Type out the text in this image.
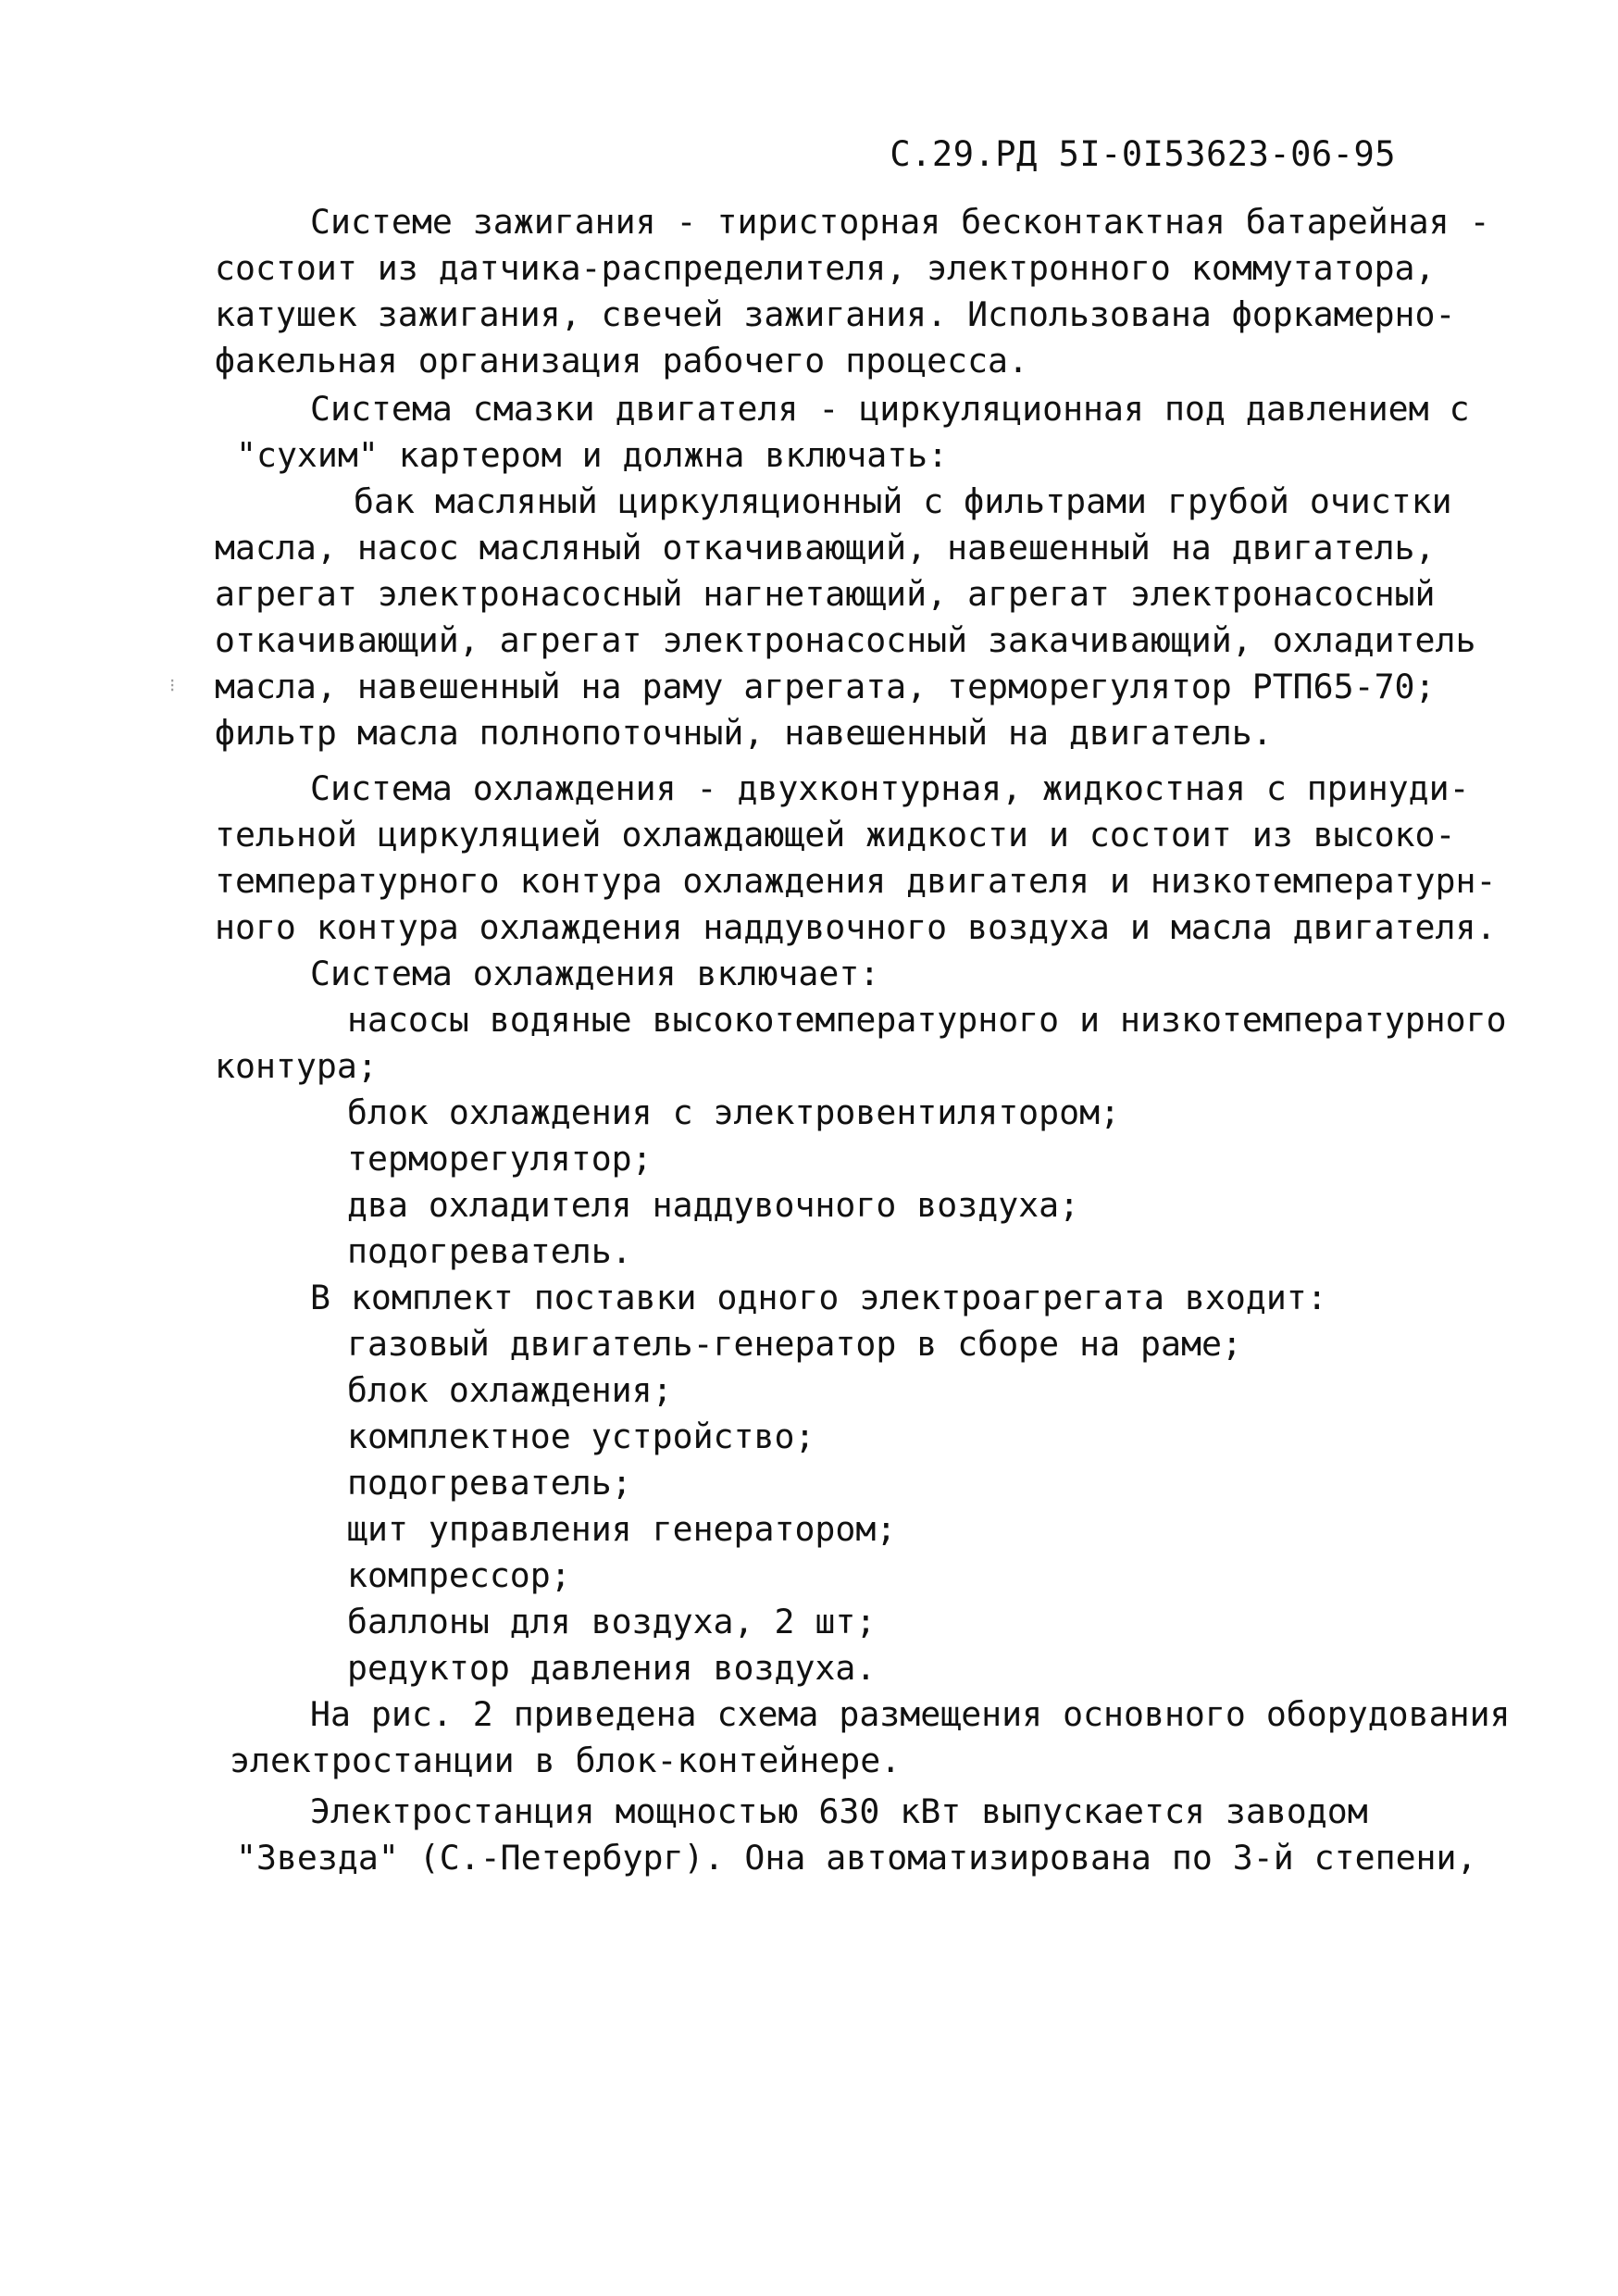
С.29.РД 5І-0І53623-06-95
⁝
Системе зажигания - тиристорная бесконтактная батарейная -
состоит из датчика-распределителя, электронного коммутатора,
катушек зажигания, свечей зажигания. Использована форкамерно-
факельная организация рабочего процесса.
Система смазки двигателя - циркуляционная под давлением с
"сухим" картером и должна включать:
бак масляный циркуляционный с фильтрами грубой очистки
масла, насос масляный откачивающий, навешенный на двигатель,
агрегат электронасосный нагнетающий, агрегат электронасосный
откачивающий, агрегат электронасосный закачивающий, охладитель
масла, навешенный на раму агрегата, терморегулятор РТП65-70;
фильтр масла полнопоточный, навешенный на двигатель.
Система охлаждения - двухконтурная, жидкостная с принуди-
тельной циркуляцией охлаждающей жидкости и состоит из высоко-
температурного контура охлаждения двигателя и низкотемпературн-
ного контура охлаждения наддувочного воздуха и масла двигателя.
Система охлаждения включает:
насосы водяные высокотемпературного и низкотемпературного
контура;
блок охлаждения с электровентилятором;
терморегулятор;
два охладителя наддувочного воздуха;
подогреватель.
В комплект поставки одного электроагрегата входит:
газовый двигатель-генератор в сборе на раме;
блок охлаждения;
комплектное устройство;
подогреватель;
щит управления генератором;
компрессор;
баллоны для воздуха, 2 шт;
редуктор давления воздуха.
На рис. 2 приведена схема размещения основного оборудования
электростанции в блок-контейнере.
Электростанция мощностью 630 кВт выпускается заводом
"Звезда" (С.-Петербург). Она автоматизирована по 3-й степени,
